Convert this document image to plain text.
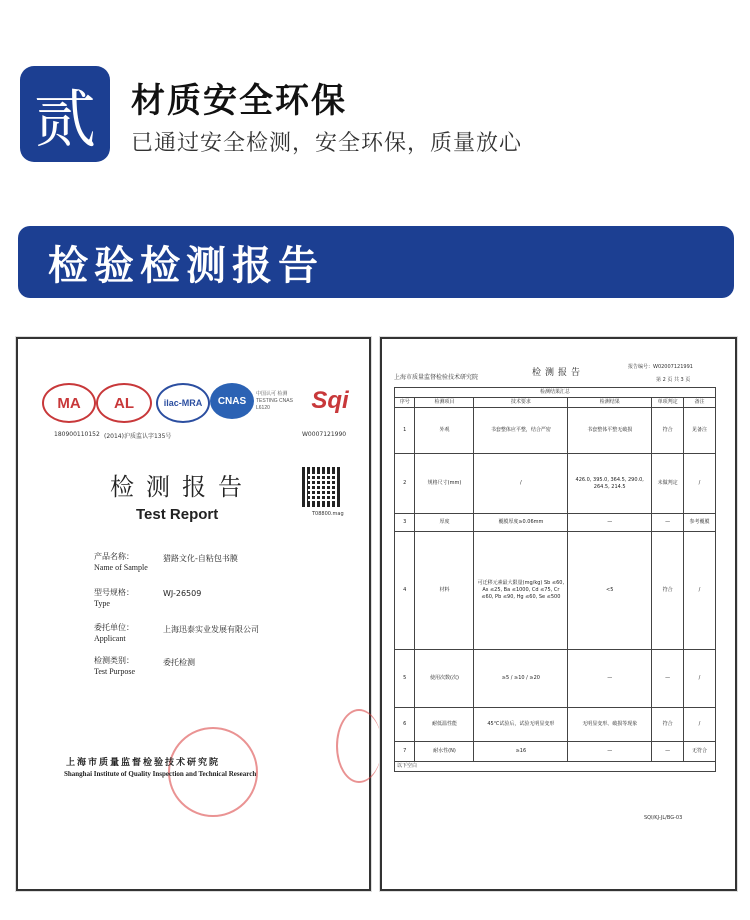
贰	材质安全环保
已通过安全检测，安全环保，质量放心
检验检测报告
MA	AL	ilac-MRA	CNAS
中国认可 检测 TESTING CNAS L6120	Sqi
180900110152 (2014)沪质监认字135号	W0007121990
检测报告
Test Report	T08800.mag
产品名称：
Name of Sample
猎路文化-自粘包书膜
型号规格：
Type
WJ-26509
委托单位：
Applicant
上海迅泰实业发展有限公司
检测类别：
Test Purpose
委托检测
上海市质量监督检验技术研究院
Shanghai Institute of Quality Inspection and Technical Research
上海市质量监督检验技术研究院	检测报告
报告编号：W02007121991
第 2 页 共 3 页
检测结果汇总					
序号	检测项目	技术要求	检测结果	单项判定	备注
1	外观	书套整体应平整，结合严密	书套整体平整无破损	符合	见备注
2	规格尺寸(mm)	/	426.0, 395.0, 364.5, 290.0, 264.5, 214.5	未做判定	/
3	厚度	覆膜厚度≥0.06mm	—	—	参考覆膜
4	材料	可迁移元素最大限量(mg/kg) Sb ≤60, As ≤25, Ba ≤1000, Cd ≤75, Cr ≤60, Pb ≤90, Hg ≤60, Se ≤500	<5	符合	/
5	使用次数(次)	≥5 / ≥10 / ≥20	—	—	/
6	耐低温性能	45℃试验后，试验无明显变形	无明显变形、破损等现象	符合	/
7	耐水性(N)	≥16	—	—	无符合
以下空白					
SQI/KJ-JL/BG-03
